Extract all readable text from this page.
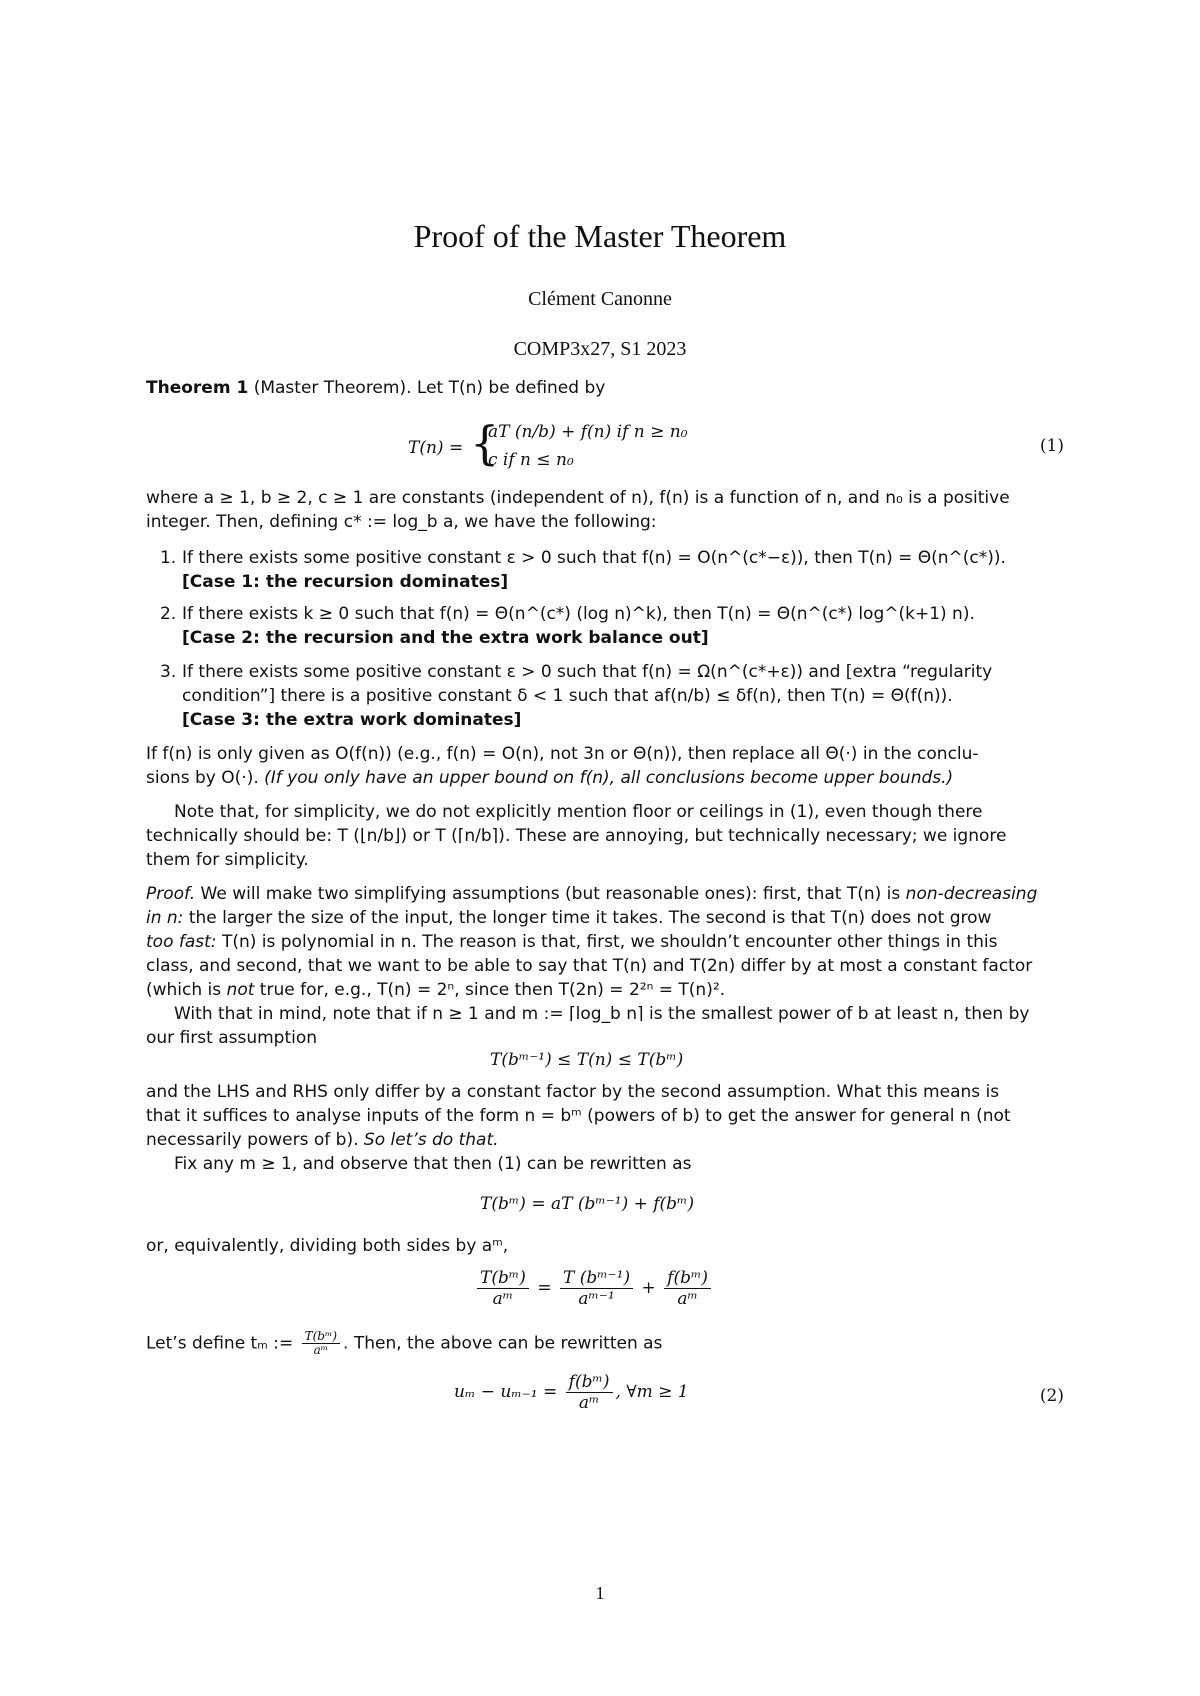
Proof of the Master Theorem
Clément Canonne
COMP3x27, S1 2023
Theorem 1 (Master Theorem). Let T(n) be defined by
T(n) = {
aT (n/b) + f(n) if n ≥ n₀
c if n ≤ n₀
(1)
where a ≥ 1, b ≥ 2, c ≥ 1 are constants (independent of n), f(n) is a function of n, and n₀ is a positive
integer. Then, defining c* := log_b a, we have the following:
1. If there exists some positive constant ε > 0 such that f(n) = O(n^(c*−ε)), then T(n) = Θ(n^(c*)).
[Case 1: the recursion dominates]
2. If there exists k ≥ 0 such that f(n) = Θ(n^(c*) (log n)^k), then T(n) = Θ(n^(c*) log^(k+1) n).
[Case 2: the recursion and the extra work balance out]
3. If there exists some positive constant ε > 0 such that f(n) = Ω(n^(c*+ε)) and [extra “regularity
condition”] there is a positive constant δ < 1 such that af(n/b) ≤ δf(n), then T(n) = Θ(f(n)).
[Case 3: the extra work dominates]
If f(n) is only given as O(f(n)) (e.g., f(n) = O(n), not 3n or Θ(n)), then replace all Θ(·) in the conclu-
sions by O(·). (If you only have an upper bound on f(n), all conclusions become upper bounds.)
Note that, for simplicity, we do not explicitly mention floor or ceilings in (1), even though there
technically should be: T (⌊n/b⌋) or T (⌈n/b⌉). These are annoying, but technically necessary; we ignore
them for simplicity.
Proof. We will make two simplifying assumptions (but reasonable ones): first, that T(n) is non-decreasing
in n: the larger the size of the input, the longer time it takes. The second is that T(n) does not grow
too fast: T(n) is polynomial in n. The reason is that, first, we shouldn’t encounter other things in this
class, and second, that we want to be able to say that T(n) and T(2n) differ by at most a constant factor
(which is not true for, e.g., T(n) = 2ⁿ, since then T(2n) = 2²ⁿ = T(n)².
With that in mind, note that if n ≥ 1 and m := ⌈log_b n⌉ is the smallest power of b at least n, then by
our first assumption
T(bᵐ⁻¹) ≤ T(n) ≤ T(bᵐ)
and the LHS and RHS only differ by a constant factor by the second assumption. What this means is
that it suffices to analyse inputs of the form n = bᵐ (powers of b) to get the answer for general n (not
necessarily powers of b). So let’s do that.
Fix any m ≥ 1, and observe that then (1) can be rewritten as
T(bᵐ) = aT (bᵐ⁻¹) + f(bᵐ)
or, equivalently, dividing both sides by aᵐ,
$\frac{\text{T(bᵐ)}}{\text{aᵐ}} = \frac{\text{T (bᵐ⁻¹)}}{\text{aᵐ⁻¹}} + \frac{\text{f(bᵐ)}}{\text{aᵐ}}$
Let’s define tₘ := $\frac{\text{T(bᵐ)}}{\text{aᵐ}}$ . Then, the above can be rewritten as
$u_m - u_{m-1} = \frac{\text{f(bᵐ)}}{\text{aᵐ}}$ , ∀m ≥ 1	(2)
1
